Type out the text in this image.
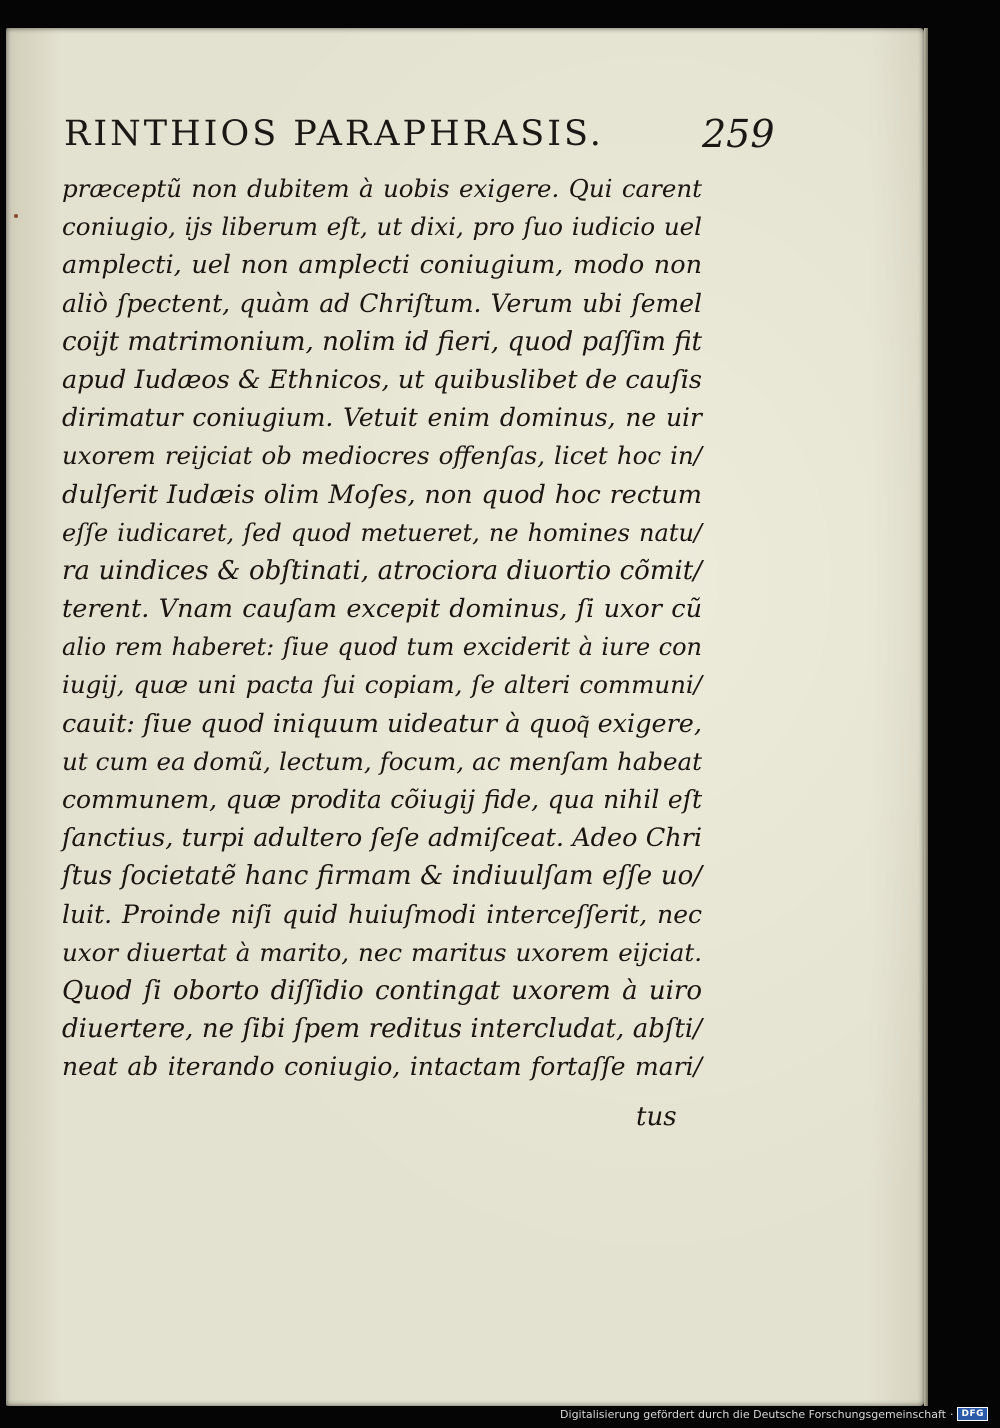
RINTHIOS PARAPHRASIS.	259
præceptũ non dubitem à uobis exigere. Qui carent
coniugio, ijs liberum eſt, ut dixi, pro ſuo iudicio uel
amplecti, uel non amplecti coniugium, modo non
aliò ſpectent, quàm ad Chriſtum. Verum ubi ſemel
coijt matrimonium, nolim id fieri, quod paſſim fit
apud Iudæos & Ethnicos, ut quibuslibet de cauſis
dirimatur coniugium. Vetuit enim dominus, ne uir
uxorem reijciat ob mediocres offenſas, licet hoc in/
dulſerit Iudæis olim Moſes, non quod hoc rectum
eſſe iudicaret, ſed quod metueret, ne homines natu/
ra uindices & obſtinati, atrociora diuortio cõmit/
terent. Vnam cauſam excepit dominus, ſi uxor cũ
alio rem haberet: ſiue quod tum exciderit à iure con
iugij, quæ uni pacta ſui copiam, ſe alteri communi/
cauit: ſiue quod iniquum uideatur à quoq͂ exigere,
ut cum ea domũ, lectum, focum, ac menſam habeat
communem, quæ prodita cõiugij fide, qua nihil eſt
ſanctius, turpi adultero ſeſe admiſceat. Adeo Chri
ſtus ſocietatẽ hanc firmam & indiuulſam eſſe uo/
luit. Proinde niſi quid huiuſmodi interceſſerit, nec
uxor diuertat à marito, nec maritus uxorem eijciat.
Quod ſi oborto diſſidio contingat uxorem à uiro
diuertere, ne ſibi ſpem reditus intercludat, abſti/
neat ab iterando coniugio, intactam fortaſſe mari/
tus
Digitalisierung gefördert durch die Deutsche Forschungsgemeinschaft · DFG
